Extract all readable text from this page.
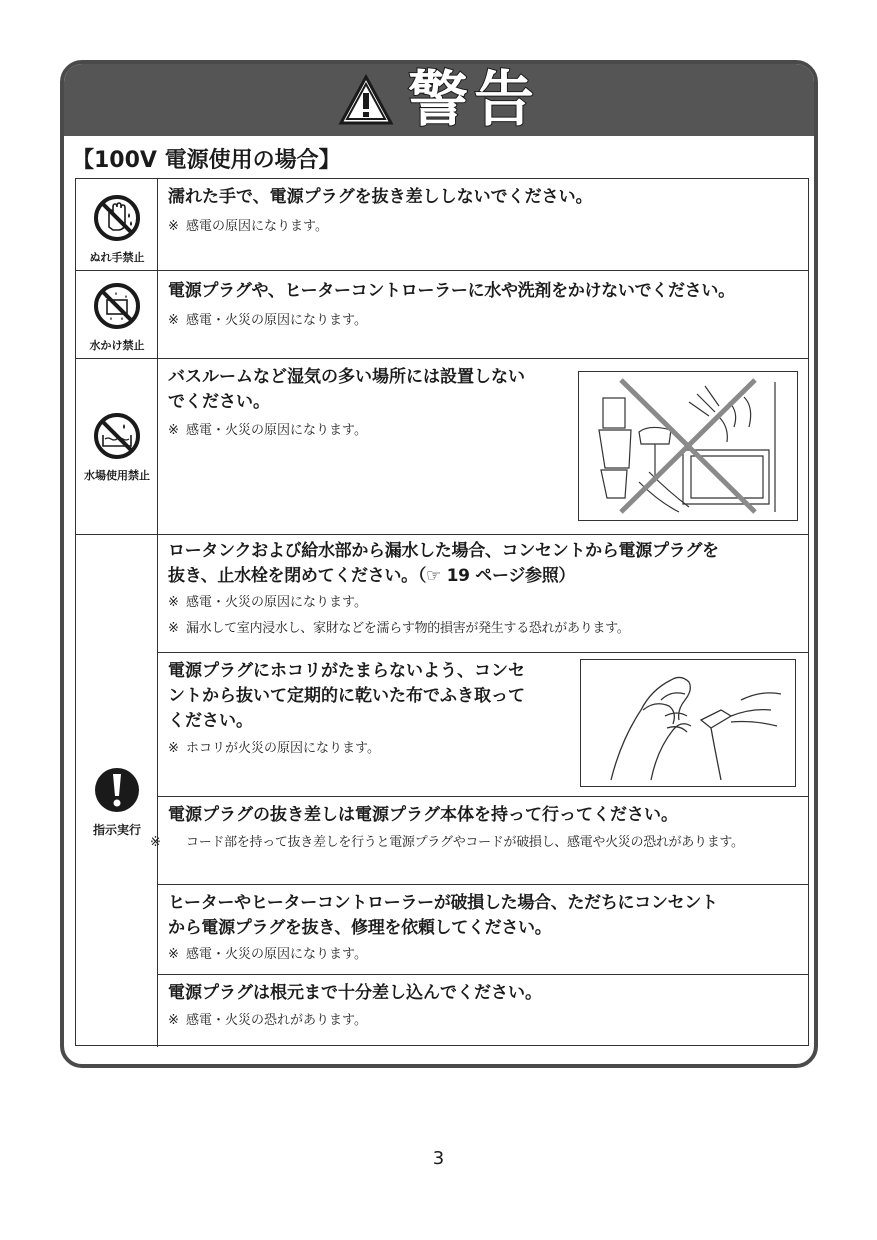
警告
【100V 電源使用の場合】
ぬれ手禁止
濡れた手で、電源プラグを抜き差ししないでください。
※ 感電の原因になります。
水かけ禁止
電源プラグや、ヒーターコントローラーに水や洗剤をかけないでください。
※ 感電・火災の原因になります。
水場使用禁止
バスルームなど湿気の多い場所には設置しない
でください。
※ 感電・火災の原因になります。
指示実行
ロータンクおよび給水部から漏水した場合、コンセントから電源プラグを
抜き、止水栓を閉めてください。（☞ 19 ページ参照）
※ 感電・火災の原因になります。
※ 漏水して室内浸水し、家財などを濡らす物的損害が発生する恐れがあります。
電源プラグにホコリがたまらないよう、コンセ
ントから抜いて定期的に乾いた布でふき取って
ください。
※ ホコリが火災の原因になります。
電源プラグの抜き差しは電源プラグ本体を持って行ってください。
※ コード部を持って抜き差しを行うと電源プラグやコードが破損し、感電や火災の恐れがあります。
ヒーターやヒーターコントローラーが破損した場合、ただちにコンセント
から電源プラグを抜き、修理を依頼してください。
※ 感電・火災の原因になります。
電源プラグは根元まで十分差し込んでください。
※ 感電・火災の恐れがあります。
3
